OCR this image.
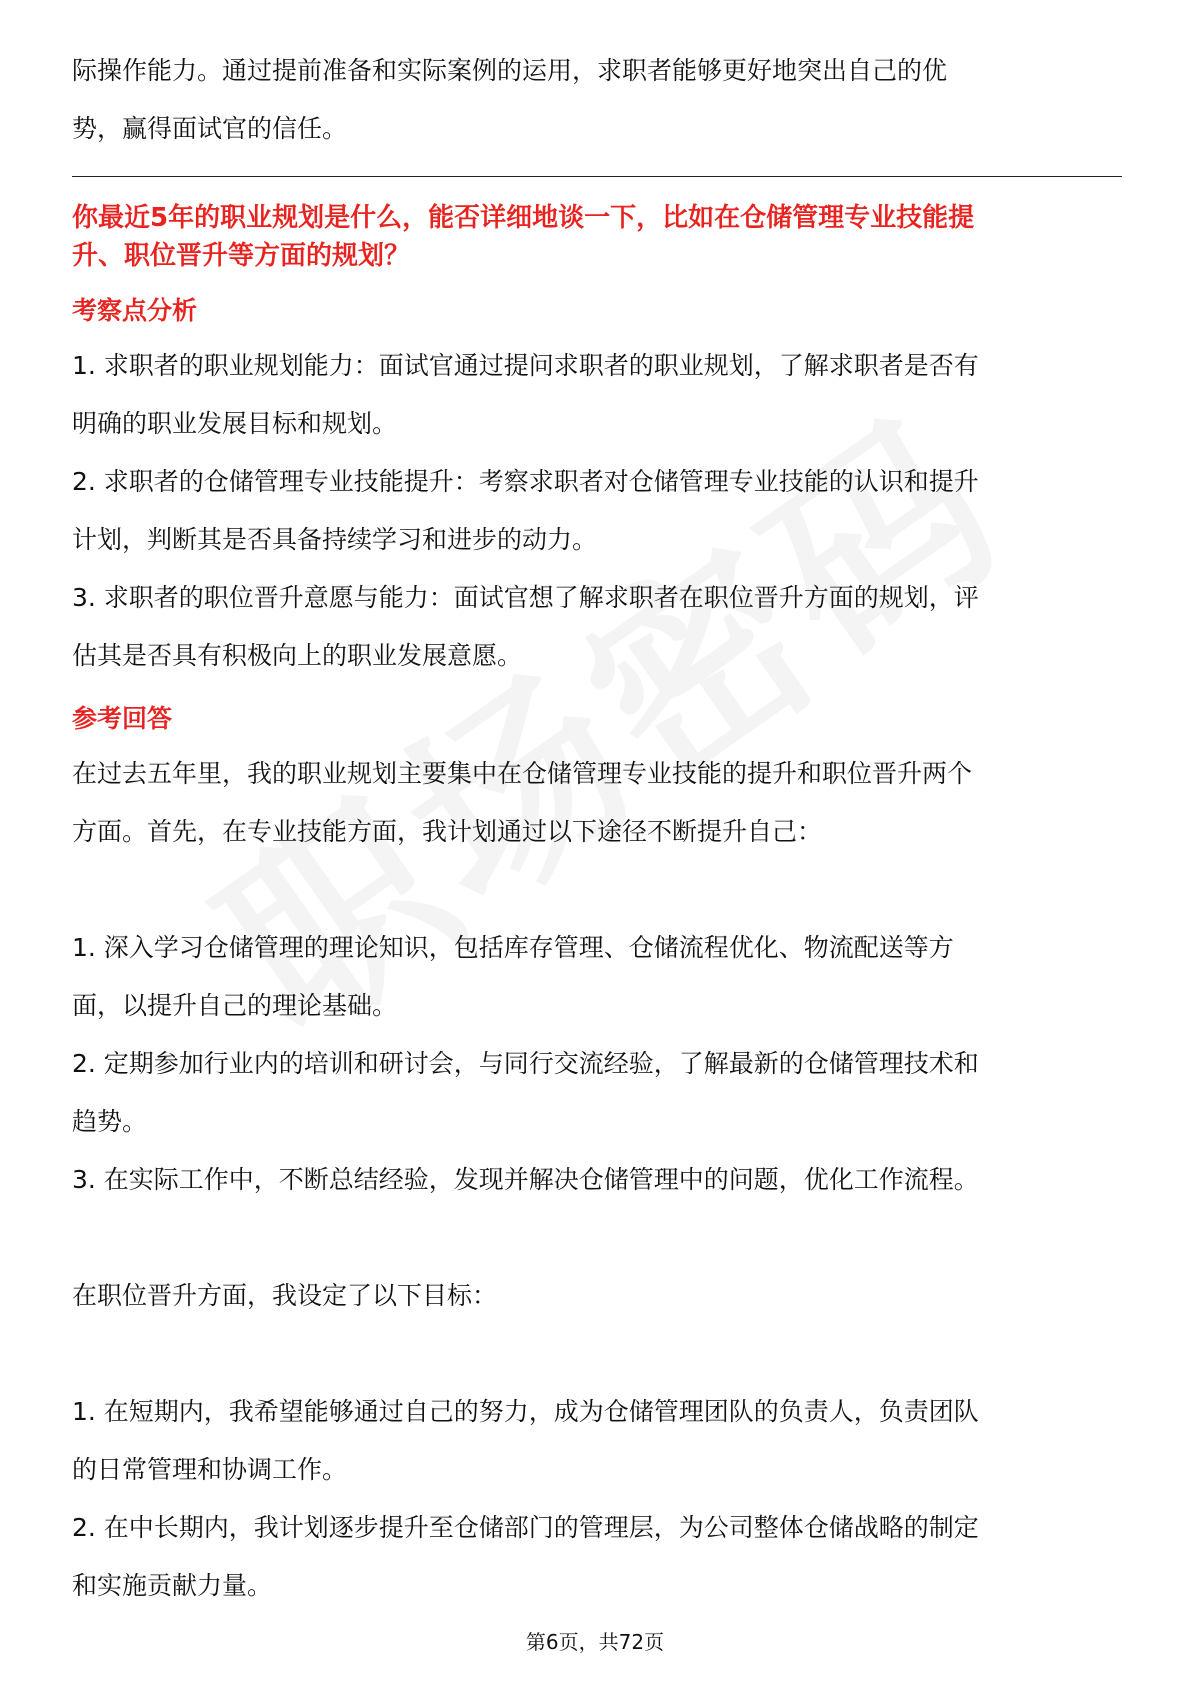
际操作能力。通过提前准备和实际案例的运用，求职者能够更好地突出自己的优

势，赢得面试官的信任。

你最近5年的职业规划是什么，能否详细地谈一下，比如在仓储管理专业技能提

升、职位晋升等方面的规划？

考察点分析

1. 求职者的职业规划能力：面试官通过提问求职者的职业规划，了解求职者是否有

明确的职业发展目标和规划。

2. 求职者的仓储管理专业技能提升：考察求职者对仓储管理专业技能的认识和提升

计划，判断其是否具备持续学习和进步的动力。

3. 求职者的职位晋升意愿与能力：面试官想了解求职者在职位晋升方面的规划，评

估其是否具有积极向上的职业发展意愿。

参考回答

在过去五年里，我的职业规划主要集中在仓储管理专业技能的提升和职位晋升两个

方面。首先，在专业技能方面，我计划通过以下途径不断提升自己：

1. 深入学习仓储管理的理论知识，包括库存管理、仓储流程优化、物流配送等方

面，以提升自己的理论基础。

2. 定期参加行业内的培训和研讨会，与同行交流经验，了解最新的仓储管理技术和

趋势。

3. 在实际工作中，不断总结经验，发现并解决仓储管理中的问题，优化工作流程。

在职位晋升方面，我设定了以下目标：

1. 在短期内，我希望能够通过自己的努力，成为仓储管理团队的负责人，负责团队

的日常管理和协调工作。

2. 在中长期内，我计划逐步提升至仓储部门的管理层，为公司整体仓储战略的制定

和实施贡献力量。

第6页，共72页
